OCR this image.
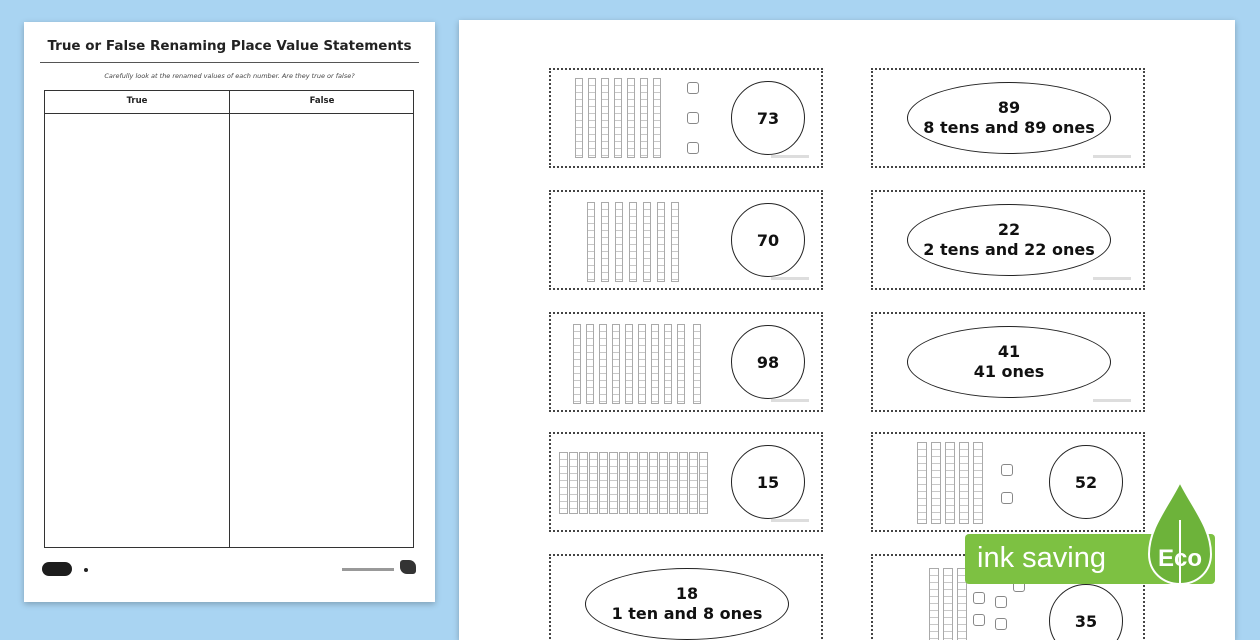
True or False Renaming Place Value Statements
Carefully look at the renamed values of each number. Are they true or false?
True	False
73
70
98
15
18
1 ten and 8 ones
89
8 tens and 89 ones
22
2 tens and 22 ones
41
41 ones
52
35
ink saving Eco
